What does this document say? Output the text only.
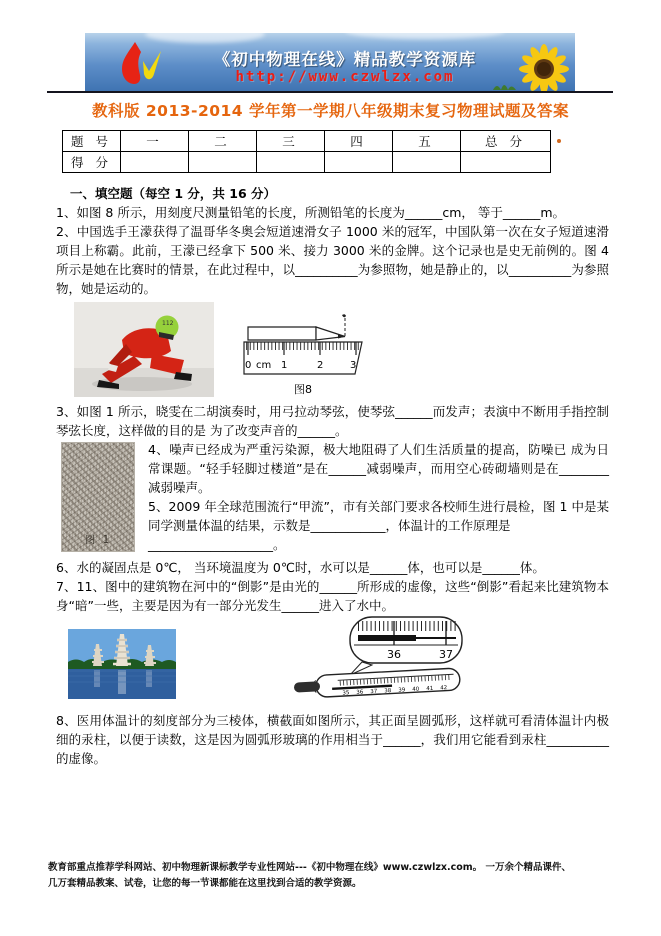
《初中物理在线》精品教学资源库
http://www.czwlzx.com
教科版 2013-2014 学年第一学期八年级期末复习物理试题及答案
题 号	一	二	三	四	五	总 分
得 分						

一、填空题（每空 1 分，共 16 分）

1、如图 8 所示，用刻度尺测量铅笔的长度，所测铅笔的长度为______cm， 等于______m。

2、中国选手王濛获得了温哥华冬奥会短道速滑女子 1000 米的冠军，中国队第一次在女子短道速滑项目上称霸。此前，王濛已经拿下 500 米、接力 3000 米的金牌。这个记录也是史无前例的。图 4 所示是她在比赛时的情景，在此过程中，以__________为参照物，她是静止的，以__________为参照物，她是运动的。

112
0 cm 1	2	3
图8

3、如图 1 所示，晓雯在二胡演奏时，用弓拉动琴弦，使琴弦______而发声；表演中不断用手指控制琴弦长度，这样做的目的是 为了改变声音的______。

图 1

4、噪声已经成为严重污染源，极大地阻碍了人们生活质量的提高，防噪已 成为日常课题。“轻手轻脚过楼道”是在______减弱噪声，而用空心砖砌墙则是在________ 减弱噪声。

5、2009 年全球范围流行“甲流”，市有关部门要求各校师生进行晨检，图 1 中是某同学测量体温的结果，示数是____________，体温计的工作原理是

____________________。

6、水的凝固点是 0℃， 当环境温度为 0℃时，水可以是______体，也可以是______体。

7、11、图中的建筑物在河中的“倒影”是由光的______所形成的虚像，这些“倒影”看起来比建筑物本身“暗”一些，主要是因为有一部分光发生______进入了水中。

36	37
35 36 37 38 39 40 41 42

8、医用体温计的刻度部分为三棱体，横截面如图所示，其正面呈圆弧形，这样就可看清体温计内极细的汞柱，以便于读数，这是因为圆弧形玻璃的作用相当于______，我们用它能看到汞柱__________的虚像。

教育部重点推荐学科网站、初中物理新课标教学专业性网站---《初中物理在线》www.czwlzx.com。 一万余个精品课件、
几万套精品教案、试卷，让您的每一节课都能在这里找到合适的教学资源。
